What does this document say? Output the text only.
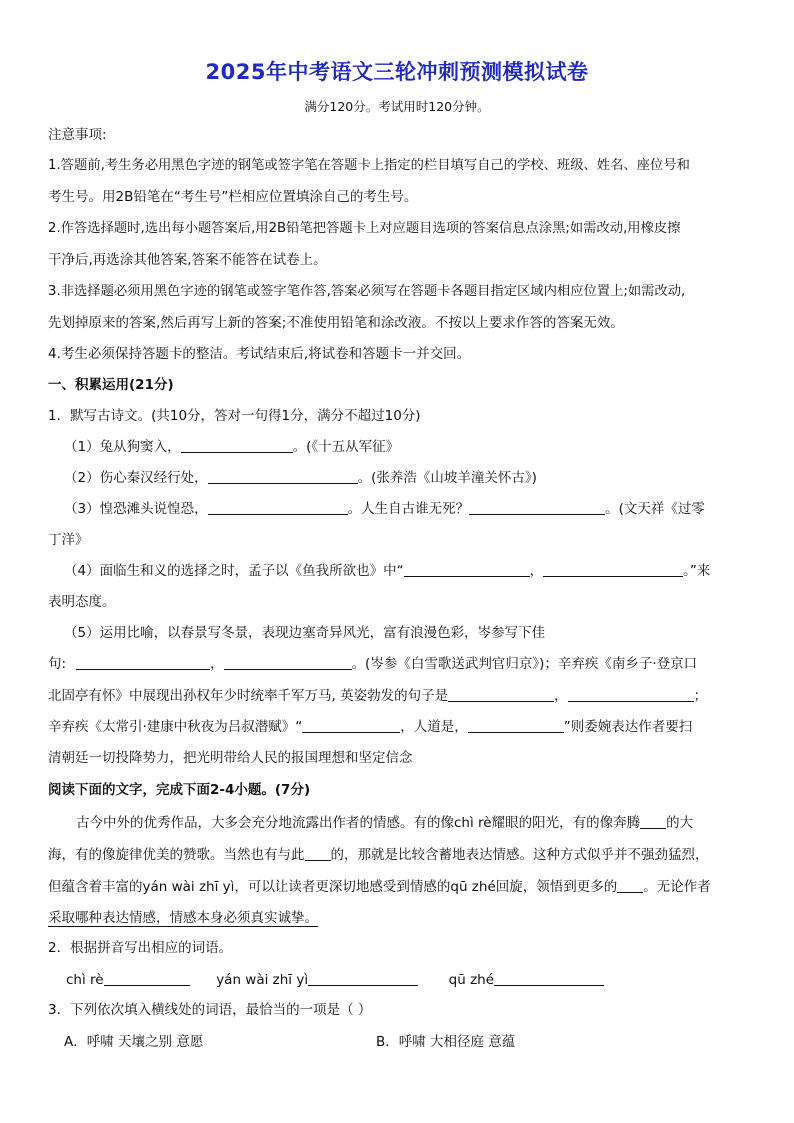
2025年中考语文三轮冲刺预测模拟试卷
满分120分。考试用时120分钟。
注意事项:
1.答题前,考生务必用黑色字迹的钢笔或签字笔在答题卡上指定的栏目填写自己的学校、班级、姓名、座位号和
考生号。用2B铅笔在“考生号”栏相应位置填涂自己的考生号。
2.作答选择题时,选出每小题答案后,用2B铅笔把答题卡上对应题目选项的答案信息点涂黑;如需改动,用橡皮擦
干净后,再选涂其他答案,答案不能答在试卷上。
3.非选择题必须用黑色字迹的钢笔或签字笔作答,答案必须写在答题卡各题目指定区域内相应位置上;如需改动,
先划掉原来的答案,然后再写上新的答案;不准使用铅笔和涂改液。不按以上要求作答的答案无效。
4.考生必须保持答题卡的整洁。考试结束后,将试卷和答题卡一并交回。
一、积累运用(21分)
1．默写古诗文。(共10分，答对一句得1分，满分不超过10分)
（1）兔从狗窦入，	。(《十五从军征》
（2）伤心秦汉经行处，	。(张养浩《山坡羊潼关怀古》)
（3）惶恐滩头说惶恐，	。人生自古谁无死？	。(文天祥《过零
丁洋》
（4）面临生和义的选择之时，孟子以《鱼我所欲也》中“	，	。”来
表明态度。
（5）运用比喻，以春景写冬景，表现边塞奇异风光，富有浪漫色彩，岑参写下佳
句:	，	。(岑参《白雪歌送武判官归京》)；辛弃疾《南乡子·登京口
北固亭有怀》中展现出孙权年少时统率千军万马, 英姿勃发的句子是	，	；
辛弃疾《太常引·建康中秋夜为吕叔潜赋》“	，人道是，	”则委婉表达作者要扫
清朝廷一切投降势力，把光明带给人民的报国理想和坚定信念
阅读下面的文字，完成下面2-4小题。(7分)
古今中外的优秀作品，大多会充分地流露出作者的情感。有的像chì rè耀眼的阳光，有的像奔腾 的大
海，有的像旋律优美的赞歌。当然也有与此 的，那就是比较含蓄地表达情感。这种方式似乎并不强劲猛烈，
但蕴含着丰富的yán wài zhī yì，可以让读者更深切地感受到情感的qū zhé回旋，领悟到更多的 。无论作者
采取哪种表达情感，情感本身必须真实诚挚。
2．根据拼音写出相应的词语。
chì rè	yán wài zhī yì	qū zhé
3．下列依次填入横线处的词语，最恰当的一项是（ ）
A．呼啸 天壤之别 意愿	B．呼啸 大相径庭 意蕴
